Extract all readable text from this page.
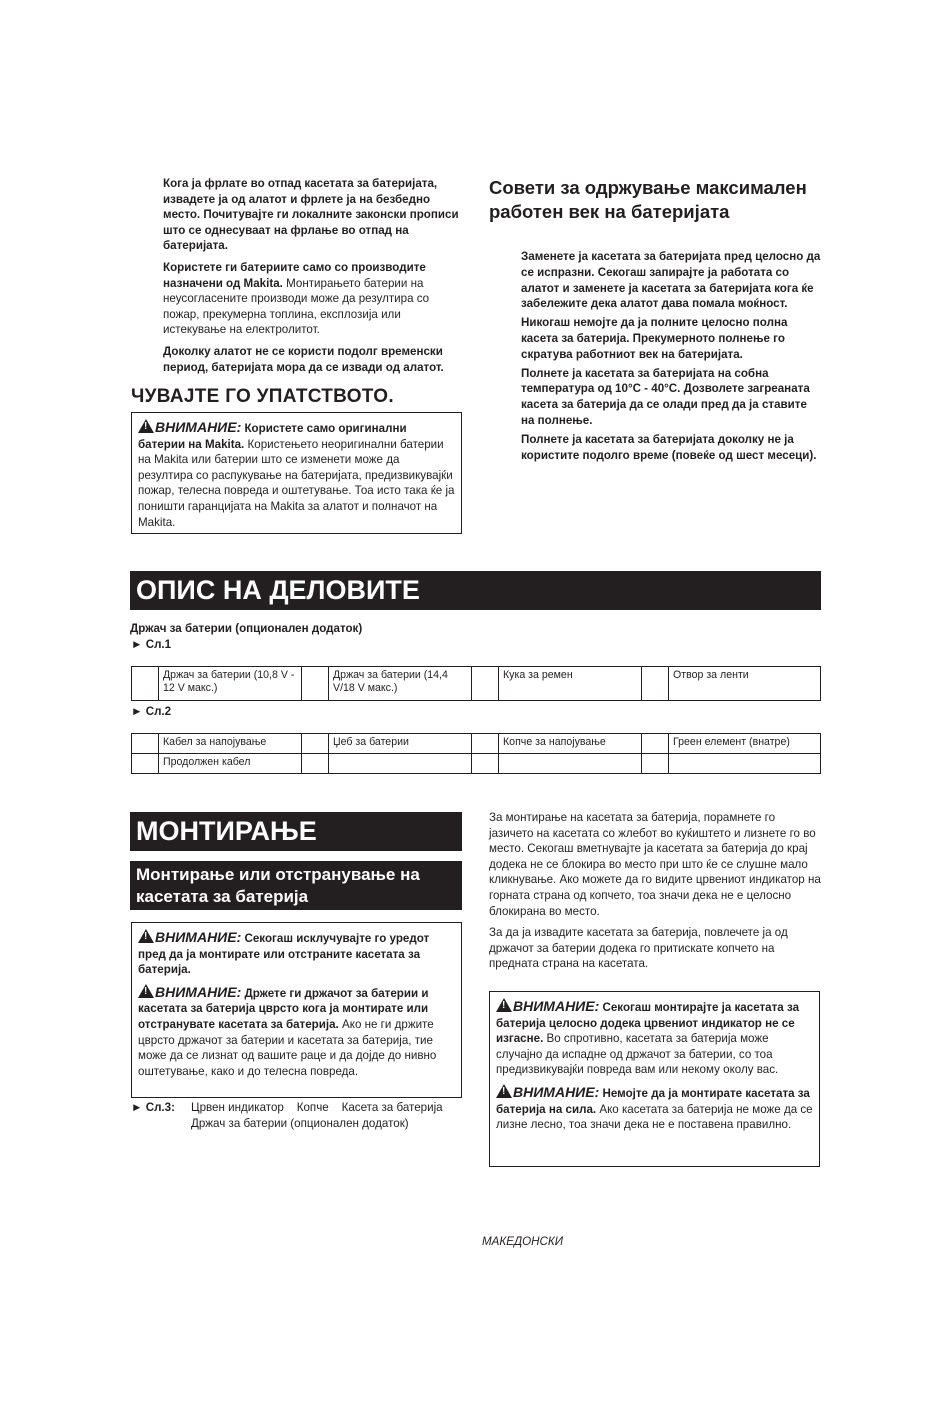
Кога ја фрлате во отпад касетата за батеријата, извадете ја од алатот и фрлете ја на безбедно место. Почитувајте ги локалните законски прописи што се однесуваат на фрлање во отпад на батеријата.

Користете ги батериите само со производите назначени од Makita. Монтирањето батерии на неусогласените производи може да резултира со пожар, прекумерна топлина, експлозија или истекување на електролитот.

Доколку алатот не се користи подолг временски период, батеријата мора да се извади од алатот.

ЧУВАЈТЕ ГО УПАТСТВОТО.
!ВНИМАНИЕ: Користете само оригинални батерии на Makita. Користењето неоригинални батерии на Makita или батерии што се изменети може да резултира со распукување на батеријата, предизвикувајќи пожар, телесна повреда и оштетување. Тоа исто така ќе ја поништи гаранцијата на Makita за алатот и полначот на Makita.
Совети за одржување максимален работен век на батеријата

Заменете ја касетата за батеријата пред целосно да се испразни. Секогаш запирајте ја работата со алатот и заменете ја касетата за батеријата кога ќе забележите дека алатот дава помала моќност.

Никогаш немојте да ја полните целосно полна касета за батерија. Прекумерното полнење го скратува работниот век на батеријата.

Полнете ја касетата за батеријата на собна температура од 10°C - 40°C. Дозволете загреаната касета за батерија да се олади пред да ја ставите на полнење.

Полнете ја касетата за батеријата доколку не ја користите подолго време (повеќе од шест месеци).

ОПИС НА ДЕЛОВИТЕ
Држач за батерии (опционален додаток)
► Сл.1
	Држач за батерии (10,8 V - 12 V макс.)		Држач за батерии (14,4 V/18 V макс.)		Кука за ремен		Отвор за ленти
► Сл.2
	Кабел за напојување		Џеб за батерии		Копче за напојување		Греен елемент (внатре)
	Продолжен кабел						
МОНТИРАЊЕ
Монтирање или отстранување на касетата за батерија

!ВНИМАНИЕ: Секогаш исклучувајте го уредот пред да ја монтирате или отстраните касетата за батерија.

!ВНИМАНИЕ: Држете ги држачот за батерии и касетата за батерија цврсто кога ја монтирате или отстранувате касетата за батерија. Ако не ги држите цврсто држачот за батерии и касетата за батерија, тие може да се лизнат од вашите раце и да дојде до нивно оштетување, како и до телесна повреда.

► Сл.3:	Црвен индикатор    Копче    Касета за батерија    Држач за батерии (опционален додаток)

За монтирање на касетата за батерија, порамнете го јазичето на касетата со жлебот во куќиштето и лизнете го во место. Секогаш вметнувајте ја касетата за батерија до крај додека не се блокира во место при што ќе се слушне мало кликнување. Ако можете да го видите црвениот индикатор на горната страна од копчето, тоа значи дека не е целосно блокирана во место.

За да ја извадите касетата за батерија, повлечете ја од држачот за батерии додека го притискате копчето на предната страна на касетата.

!ВНИМАНИЕ: Секогаш монтирајте ја касетата за батерија целосно додека црвениот индикатор не се изгасне. Во спротивно, касетата за батерија може случајно да испадне од држачот за батерии, со тоа предизвикувајќи повреда вам или некому околу вас.

!ВНИМАНИЕ: Немојте да ја монтирате касетата за батерија на сила. Ако касетата за батерија не може да се лизне лесно, тоа значи дека не е поставена правилно.

МАКЕДОНСКИ
